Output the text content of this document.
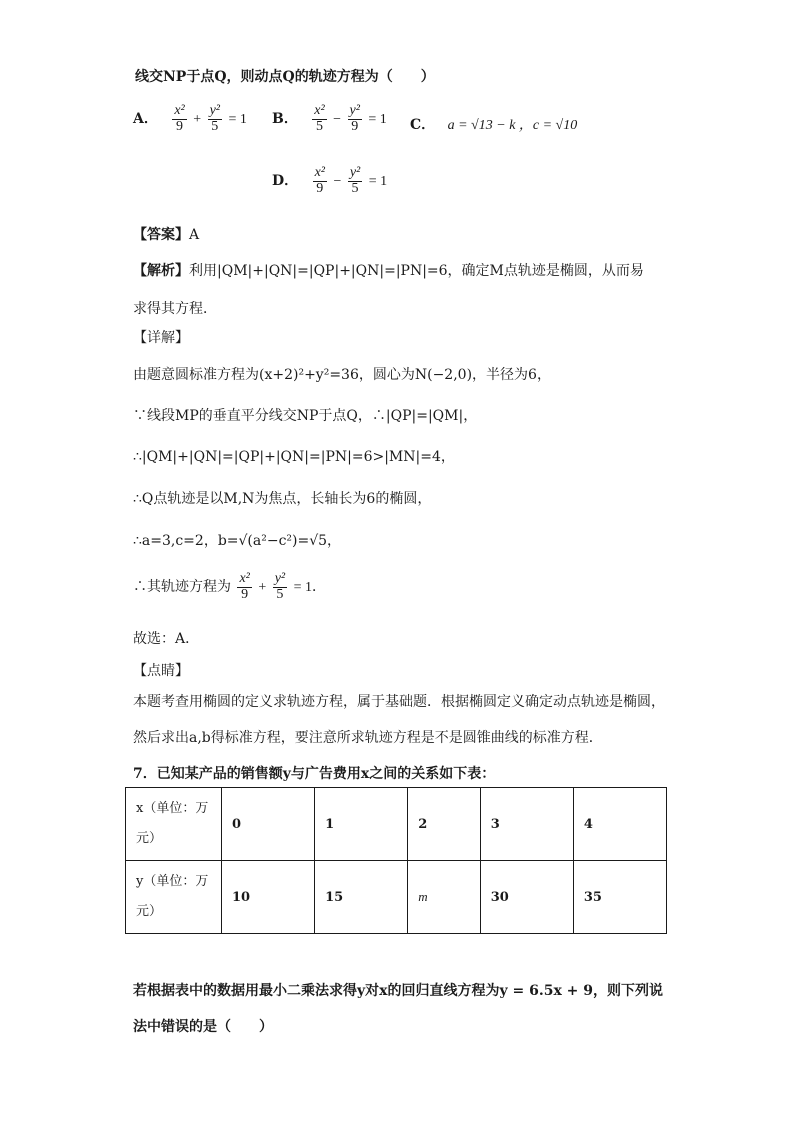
线交NP于点Q，则动点Q的轨迹方程为（　　）
A． $\frac{\text{x²}}{9} + \frac{\text{y²}}{5} = 1$ B． $\frac{\text{x²}}{5} - \frac{\text{y²}}{9} = 1$ C． a = √13 − k ，c = √10
D． $\frac{\text{x²}}{9} - \frac{\text{y²}}{5} = 1$
【答案】A
【解析】利用|QM|+|QN|=|QP|+|QN|=|PN|=6，确定M点轨迹是椭圆，从而易
求得其方程．
【详解】
由题意圆标准方程为(x+2)²+y²=36，圆心为N(−2,0)，半径为6，
∵线段MP的垂直平分线交NP于点Q，∴|QP|=|QM|，
∴|QM|+|QN|=|QP|+|QN|=|PN|=6>|MN|=4，
∴Q点轨迹是以M,N为焦点，长轴长为6的椭圆，
∴a=3,c=2，b=√(a²−c²)=√5，
∴其轨迹方程为 $\frac{\text{x²}}{9} + \frac{\text{y²}}{5} = 1$．
故选：A．
【点睛】
本题考查用椭圆的定义求轨迹方程，属于基础题．根据椭圆定义确定动点轨迹是椭圆，
然后求出a,b得标准方程，要注意所求轨迹方程是不是圆锥曲线的标准方程．
7．已知某产品的销售额y与广告费用x之间的关系如下表：
x（单位：万
元）	0	1	2	3	4

y（单位：万
元）	10	15	m	30	35
若根据表中的数据用最小二乘法求得y对x的回归直线方程为y = 6.5x + 9，则下列说
法中错误的是（　　）
